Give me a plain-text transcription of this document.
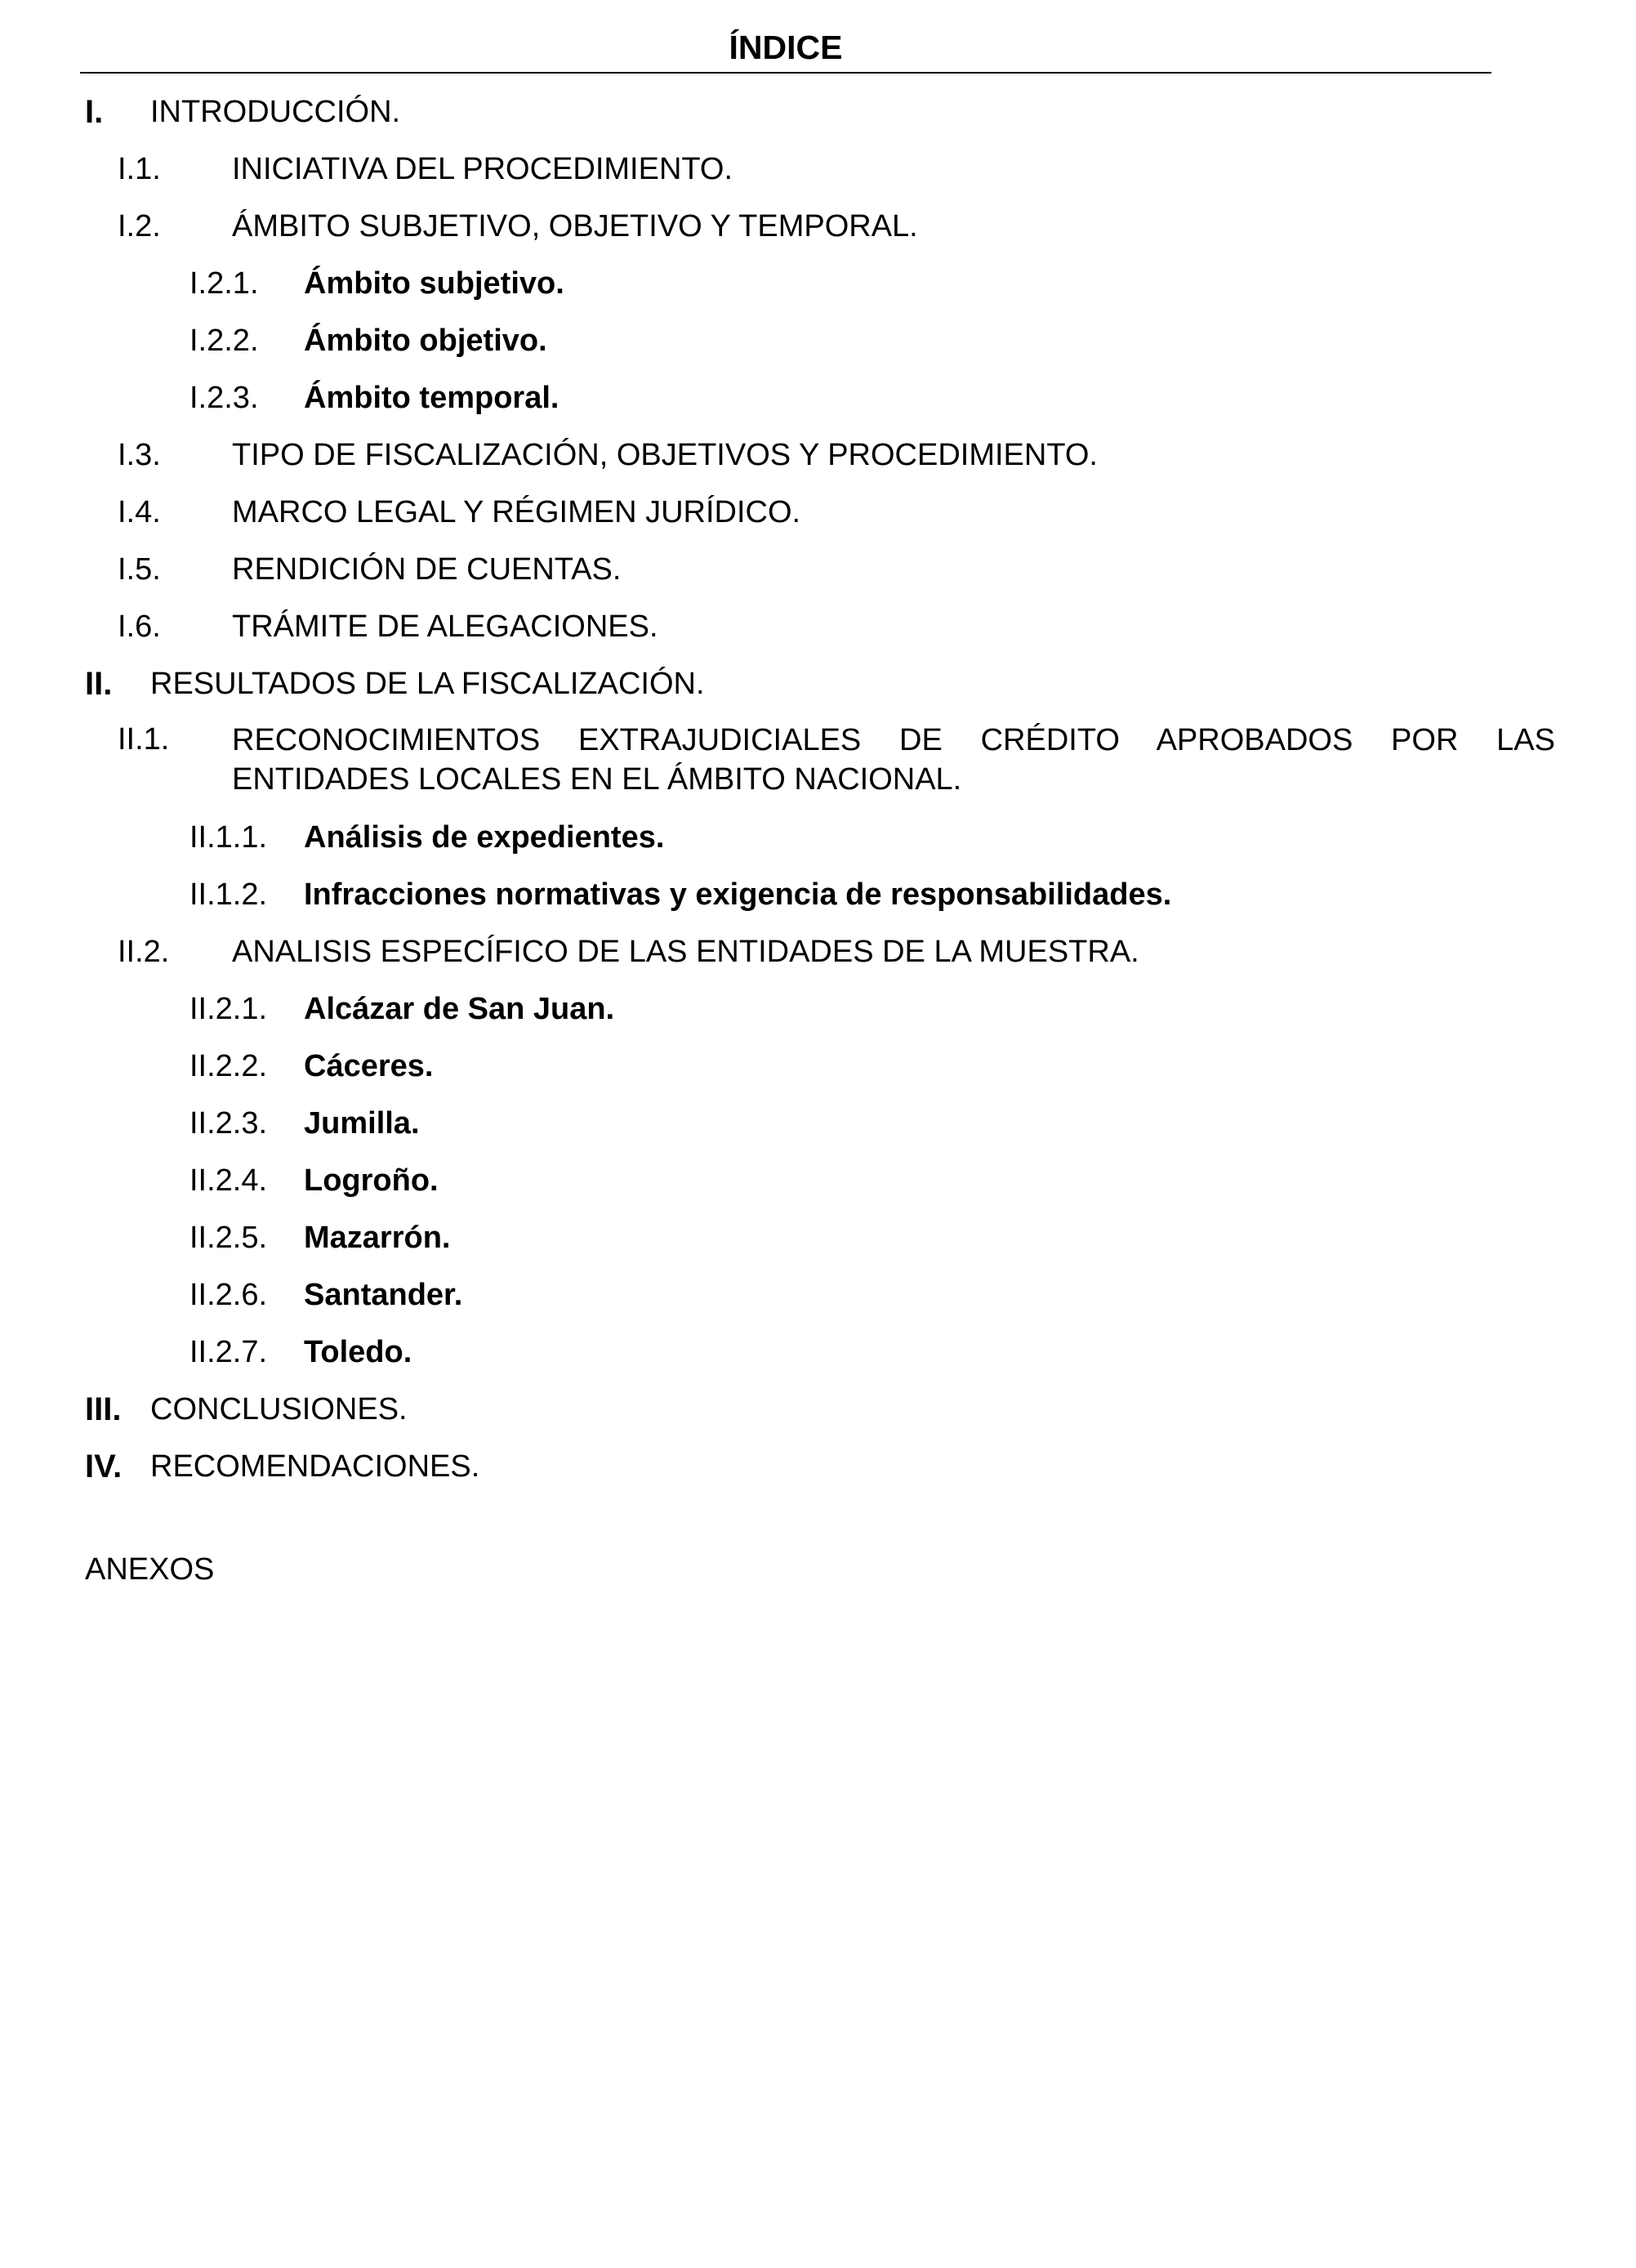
ÍNDICE
I. INTRODUCCIÓN.
I.1. INICIATIVA DEL PROCEDIMIENTO.
I.2. ÁMBITO SUBJETIVO, OBJETIVO Y TEMPORAL.
I.2.1. Ámbito subjetivo.
I.2.2. Ámbito objetivo.
I.2.3. Ámbito temporal.
I.3. TIPO DE FISCALIZACIÓN, OBJETIVOS Y PROCEDIMIENTO.
I.4. MARCO LEGAL Y RÉGIMEN JURÍDICO.
I.5. RENDICIÓN DE CUENTAS.
I.6. TRÁMITE DE ALEGACIONES.
II. RESULTADOS DE LA FISCALIZACIÓN.
II.1. RECONOCIMIENTOS EXTRAJUDICIALES DE CRÉDITO APROBADOS POR LAS ENTIDADES LOCALES EN EL ÁMBITO NACIONAL.
II.1.1. Análisis de expedientes.
II.1.2. Infracciones normativas y exigencia de responsabilidades.
II.2. ANALISIS ESPECÍFICO DE LAS ENTIDADES DE LA MUESTRA.
II.2.1. Alcázar de San Juan.
II.2.2. Cáceres.
II.2.3. Jumilla.
II.2.4. Logroño.
II.2.5. Mazarrón.
II.2.6. Santander.
II.2.7. Toledo.
III. CONCLUSIONES.
IV. RECOMENDACIONES.
ANEXOS
